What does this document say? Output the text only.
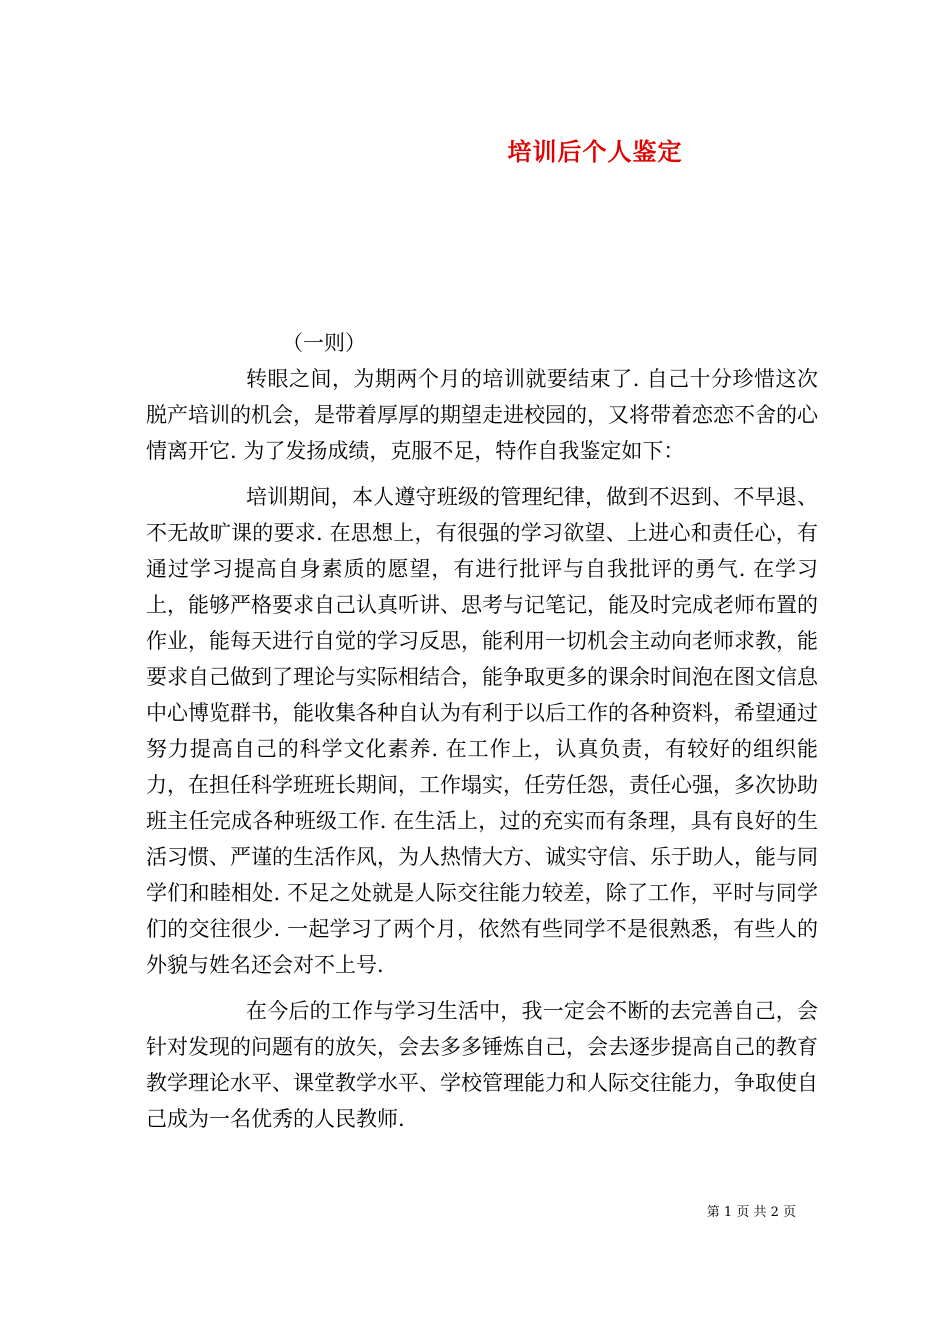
培训后个人鉴定
（一则）

转眼之间，为期两个月的培训就要结束了. 自己十分珍惜这次脱产培训的机会，是带着厚厚的期望走进校园的，又将带着恋恋不舍的心情离开它. 为了发扬成绩，克服不足，特作自我鉴定如下：

培训期间，本人遵守班级的管理纪律，做到不迟到、不早退、不无故旷课的要求. 在思想上，有很强的学习欲望、上进心和责任心，有通过学习提高自身素质的愿望，有进行批评与自我批评的勇气. 在学习上，能够严格要求自己认真听讲、思考与记笔记，能及时完成老师布置的作业，能每天进行自觉的学习反思，能利用一切机会主动向老师求教，能要求自己做到了理论与实际相结合，能争取更多的课余时间泡在图文信息中心博览群书，能收集各种自认为有利于以后工作的各种资料，希望通过努力提高自己的科学文化素养. 在工作上，认真负责，有较好的组织能力，在担任科学班班长期间，工作塌实，任劳任怨，责任心强，多次协助班主任完成各种班级工作. 在生活上，过的充实而有条理，具有良好的生活习惯、严谨的生活作风，为人热情大方、诚实守信、乐于助人，能与同学们和睦相处. 不足之处就是人际交往能力较差，除了工作，平时与同学们的交往很少. 一起学习了两个月，依然有些同学不是很熟悉，有些人的外貌与姓名还会对不上号.

在今后的工作与学习生活中，我一定会不断的去完善自己，会针对发现的问题有的放矢，会去多多锤炼自己，会去逐步提高自己的教育教学理论水平、课堂教学水平、学校管理能力和人际交往能力，争取使自己成为一名优秀的人民教师.

第 1 页 共 2 页
